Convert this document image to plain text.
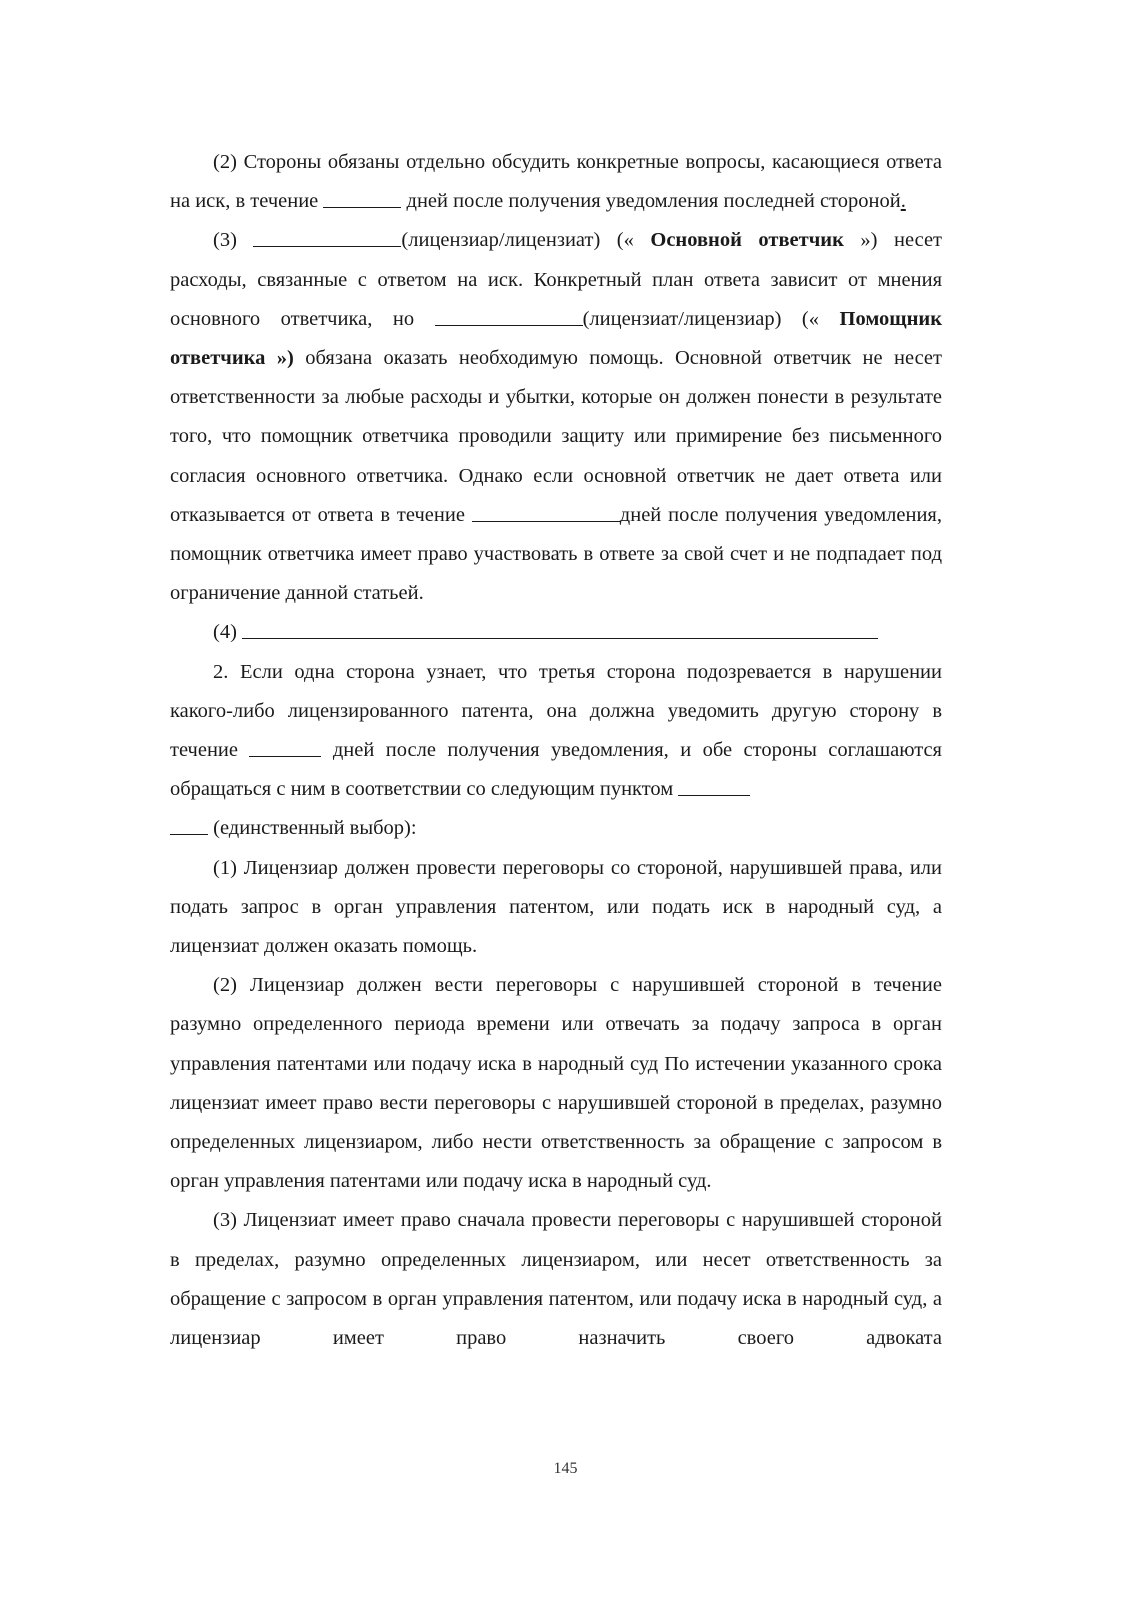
(2) Стороны обязаны отдельно обсудить конкретные вопросы, касающиеся ответа на иск, в течение	дней после получения уведомления последней стороной.

(3)	(лицензиар/лицензиат) (« Основной ответчик ») несет расходы, связанные с ответом на иск. Конкретный план ответа зависит от мнения основного ответчика, но	(лицензиат/лицензиар) (« Помощник ответчика ») обязана оказать необходимую помощь. Основной ответчик не несет ответственности за любые расходы и убытки, которые он должен понести в результате того, что помощник ответчика проводили защиту или примирение без письменного согласия основного ответчика. Однако если основной ответчик не дает ответа или отказывается от ответа в течение	дней после получения уведомления, помощник ответчика имеет право участвовать в ответе за свой счет и не подпадает под ограничение данной статьей.

(4)

2. Если одна сторона узнает, что третья сторона подозревается в нарушении какого-либо лицензированного патента, она должна уведомить другую сторону в течение	дней после получения уведомления, и обе стороны соглашаются обращаться с ним в соответствии со следующим пунктом
(единственный выбор):

(1) Лицензиар должен провести переговоры со стороной, нарушившей права, или подать запрос в орган управления патентом, или подать иск в народный суд, а лицензиат должен оказать помощь.

(2) Лицензиар должен вести переговоры с нарушившей стороной в течение разумно определенного периода времени или отвечать за подачу запроса в орган управления патентами или подачу иска в народный суд По истечении указанного срока лицензиат имеет право вести переговоры с нарушившей стороной в пределах, разумно определенных лицензиаром, либо нести ответственность за обращение с запросом в орган управления патентами или подачу иска в народный суд.

(3) Лицензиат имеет право сначала провести переговоры с нарушившей стороной в пределах, разумно определенных лицензиаром, или несет ответственность за обращение с запросом в орган управления патентом, или подачу иска в народный суд, а лицензиар имеет право назначить своего адвоката

145
